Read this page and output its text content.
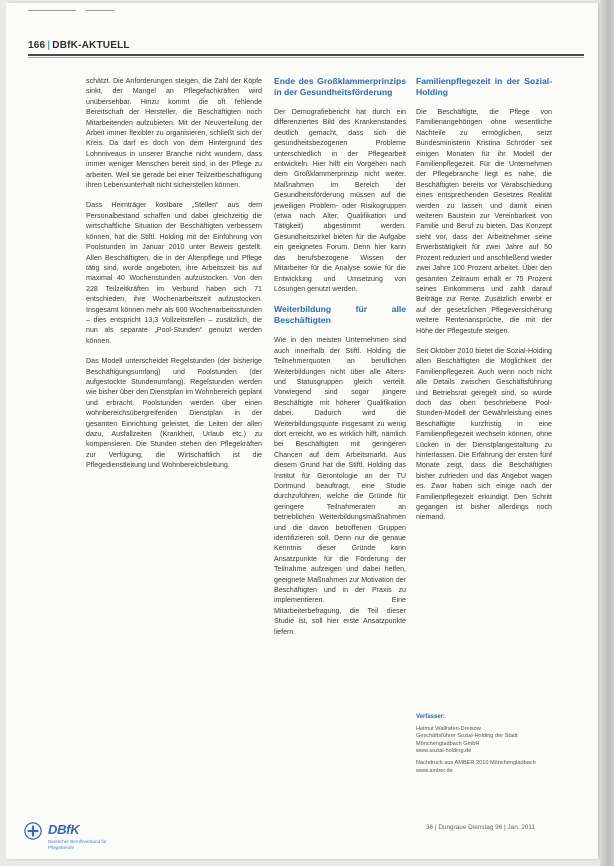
166 | DBfK-AKTUELL

schätzt. Die Anforderungen steigen, die Zahl der Köpfe sinkt, der Mangel an Pflegefachkräften wird unübersehbar. Hinzu kommt die oft fehlende Bereitschaft der Hersteller, die Beschäftigten noch Mitarbeitenden aufzubieten. Mit der Neuverteilung der Arbeit immer flexibler zu organisieren, schließt sich der Kreis. Da darf es doch von dem Hintergrund des Lohnniveaus in unserer Branche nicht wundern, dass immer weniger Menschen bereit sind, in der Pflege zu arbeiten. Weil sie gerade bei einer Teilzeitbeschäftigung ihren Lebensunterhalt nicht sicherstellen können.

Dass Heimträger kostbare „Stellen“ aus dem Personalbestand schaffen und dabei gleichzeitig die wirtschaftliche Situation der Beschäftigten verbessern können, hat die Stiftl. Holding mit der Einführung von Poolstunden im Januar 2010 unter Beweis gestellt. Allen Beschäftigten, die in der Altenpflege und Pflege tätig sind, wurde angeboten, ihre Arbeitszeit bis auf maximal 40 Wochenstunden aufzustocken. Von den 228 Teilzeitkräften im Verbund haben sich 71 entschieden, ihre Wochenarbeitszeit aufzustocken. Insgesamt können mehr als 600 Wochenarbeitsstunden – dies entspricht 13,3 Vollzeitstellen – zusätzlich, die nun als separate „Pool-Stunden“ genutzt werden können.

Das Modell unterscheidet Regelstunden (der bisherige Beschäftigungsumfang) und Poolstunden (der aufgestockte Stundenumfang). Regelstunden werden wie bisher über den Dienstplan im Wohnbereich geplant und erbracht. Poolstunden werden über einen wohnbereichsübergreifenden Dienstplan in der gesamten Einrichtung geleistet, die Leiten der allen dazu, Ausfallzeiten (Krankheit, Urlaub etc.) zu kompensieren. Die Stunden stehen den Pflegekräften zur Verfügung, die Wirtschaftlich ist die Pflegedienstleitung und Wohnbereichsleitung.

Ende des Großklammerprinzips in der Gesundheitsförderung

Der Demografiebericht hat durch ein differenziertes Bild des Krankenstandes deutlich gemacht, dass sich die gesundheitsbezogenen Probleme unterschiedlich in der Pflegearbeit entwickeln. Hier hilft ein Vorgehen nach dem Großklammerprinzip nicht weiter. Maßnahmen im Bereich der Gesundheitsförderung müssen auf die jeweiligen Problem- oder Risikogruppen (etwa nach Alter, Qualifikation und Tätigkeit) abgestimmt werden. Gesundheitszirkel bieten für die Aufgabe ein geeignetes Forum. Denn hier kann das berufsbezogene Wissen der Mitarbeiter für die Analyse sowie für die Entwicklung und Umsetzung von Lösungen genutzt werden.

Weiterbildung für alle Beschäftigten

Wie in den meisten Unternehmen sind auch innerhalb der Stiftl. Holding die Teilnehmerquoten an beruflichen Weiterbildungen nicht über alle Alters- und Statusgruppen gleich verteilt. Vorwiegend sind sogar jüngere Beschäftigte mit höherer Qualifikation dabei. Dadurch wird die Weiterbildungsquote insgesamt zu wenig dort erreicht, wo es wirklich hilft, nämlich bei Beschäftigten mit geringeren Chancen auf dem Arbeitsmarkt. Aus diesem Grund hat die Stiftl. Holding das Institut für Gerontologie an der TU Dortmund beauftragt, eine Studie durchzuführen, welche die Gründe für geringere Teilnahmeraten an betrieblichen Weiterbildungsmaßnahmen und die davon betroffenen Gruppen identifizieren soll. Denn nur die genaue Kenntnis dieser Gründe kann Ansatzpunkte für die Förderung der Teilnahme aufzeigen und dabei helfen, geeignete Maßnahmen zur Motivation der Beschäftigten und in der Praxis zu implementieren. Eine Mitarbeiterbefragung, die Teil dieser Studie ist, soll hier erste Ansatzpunkte liefern.

Familienpflegezeit in der Sozial-Holding

Die Beschäftigte, die Pflege von Familienangehörigen ohne wesentliche Nachteile zu ermöglichen, setzt Bundesministerin Kristina Schröder seit einigen Monaten für ihr Modell der Familienpflegezeit. Für die Unternehmen der Pflegebranche liegt es nahe, die Beschäftigten bereits vor Verabschiedung eines entsprechenden Gesetzes Realität werden zu lassen und damit einen weiteren Baustein zur Vereinbarkeit von Familie und Beruf zu bieten. Das Konzept sieht vor, dass der Arbeitnehmer seine Erwerbstätigkeit für zwei Jahre auf 50 Prozent reduziert und anschließend wieder zwei Jahre 100 Prozent arbeitet. Über den gesamten Zeitraum erhält er 75 Prozent seines Einkommens und zahlt darauf Beiträge zur Rente. Zusätzlich erwirbt er auf der gesetzlichen Pflegeversicherung weitere Rentenansprüche, die mit der Höhe der Pflegestufe steigen.

Seit Oktober 2010 bietet die Sozial-Holding allen Beschäftigten die Möglichkeit der Familienpflegezeit. Auch wenn noch nicht alle Details zwischen Geschäftsführung und Betriebsrat geregelt sind, so wurde doch das oben beschriebene Pool-Stunden-Modell der Gewährleistung eines Beschäftigte kurzfristig in eine Familienpflegezeit wechseln können, ohne Lücken in der Dienstplangestaltung zu hinterlassen. Die Erfahrung der ersten fünf Monate zeigt, dass die Beschäftigten bisher zufrieden und das Angebot wagen es. Zwar haben sich einige nach der Familienpflegezeit erkundigt. Den Schritt gegangen ist bisher allerdings noch niemand.

Verfasser:

Helmut Wallrafen-Dreisow
Geschäftsführer Sozial-Holding der Stadt Mönchengladbach GmbH
www.sozial-holding.de

Nachdruck aus AMBER 2010 Mönchengladbach www.amber.de

36 | Dungraue Dienstag 96 | Jan. 2011
DBfK
Deutscher Berufsverband für Pflegeberufe
